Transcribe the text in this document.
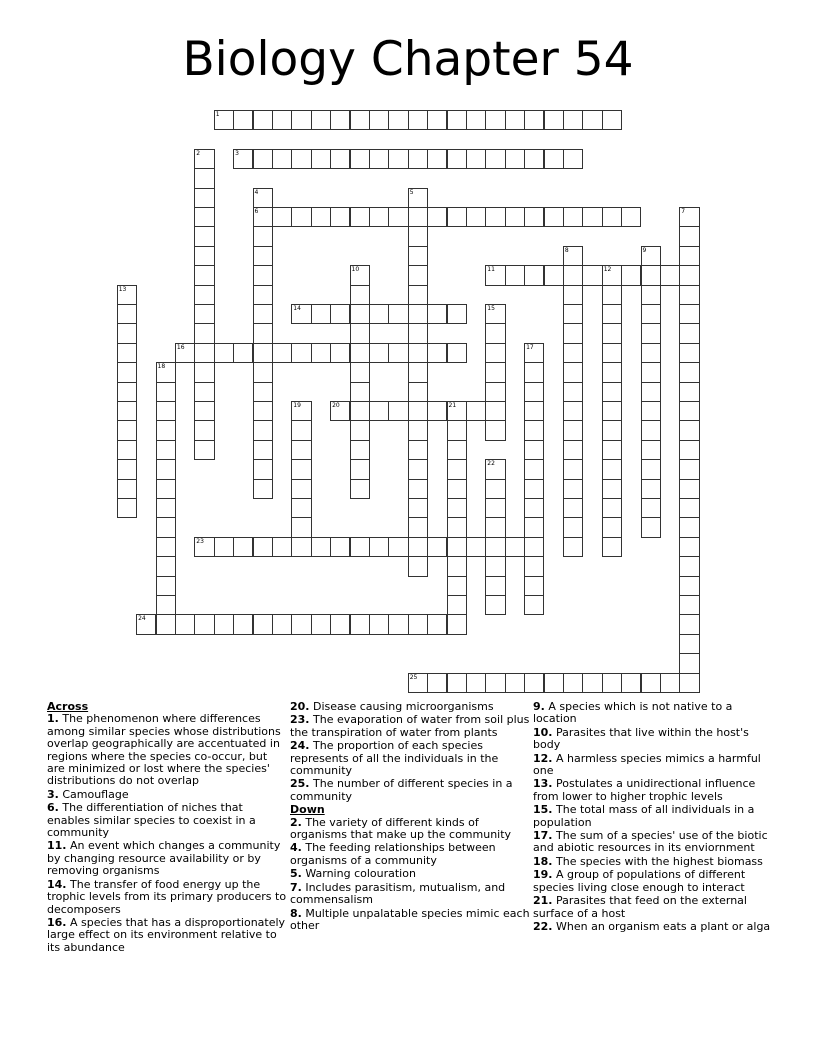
Biology Chapter 54
1
2	3
4
6
5
7
8	9
10	11	12
13
14	15
16	17
18
19	20	21
22
23
24
25
Across
1. The phenomenon where differences among similar species whose distributions overlap geographically are accentuated in regions where the species co-occur, but are minimized or lost where the species' distributions do not overlap
3. Camouflage
6. The differentiation of niches that enables similar species to coexist in a community
11. An event which changes a community by changing resource availability or by removing organisms
14. The transfer of food energy up the trophic levels from its primary producers to decomposers
16. A species that has a disproportionately large effect on its environment relative to its abundance
20. Disease causing microorganisms
23. The evaporation of water from soil plus the transpiration of water from plants
24. The proportion of each species represents of all the individuals in the community
25. The number of different species in a community
Down
2. The variety of different kinds of organisms that make up the community
4. The feeding relationships between organisms of a community
5. Warning colouration
7. Includes parasitism, mutualism, and commensalism
8. Multiple unpalatable species mimic each other
9. A species which is not native to a location
10. Parasites that live within the host's body
12. A harmless species mimics a harmful one
13. Postulates a unidirectional influence from lower to higher trophic levels
15. The total mass of all individuals in a population
17. The sum of a species' use of the biotic and abiotic resources in its enviornment
18. The species with the highest biomass
19. A group of populations of different species living close enough to interact
21. Parasites that feed on the external surface of a host
22. When an organism eats a plant or alga
